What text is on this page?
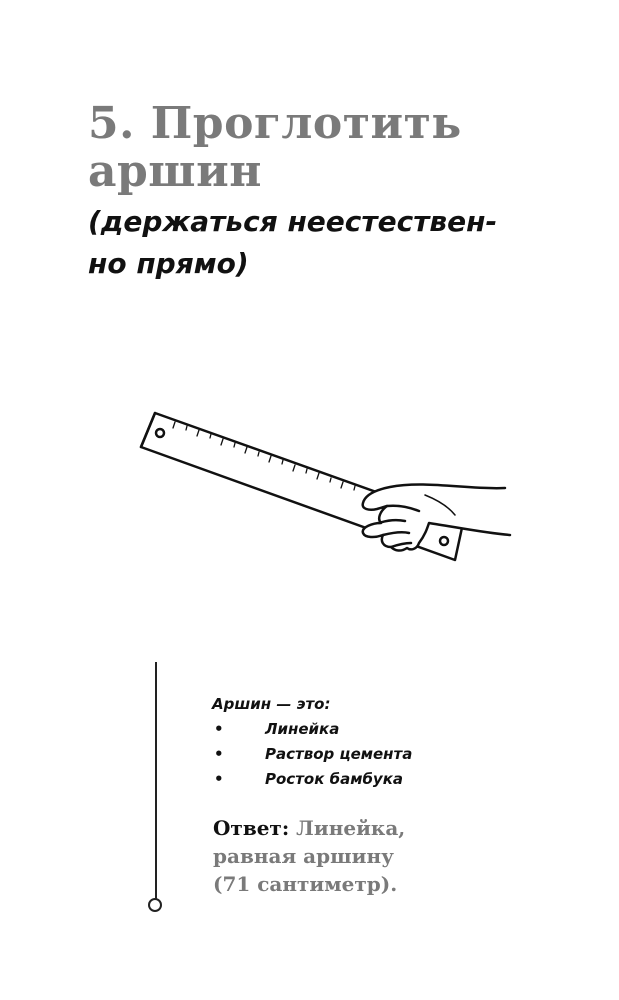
5. Проглотить
аршин
(держаться неестествен-
но прямо)
Аршин — это:
•	Линейка
•	Раствор цемента
•	Росток бамбука
Ответ: Линейка,
равная аршину
(71 сантиметр).
